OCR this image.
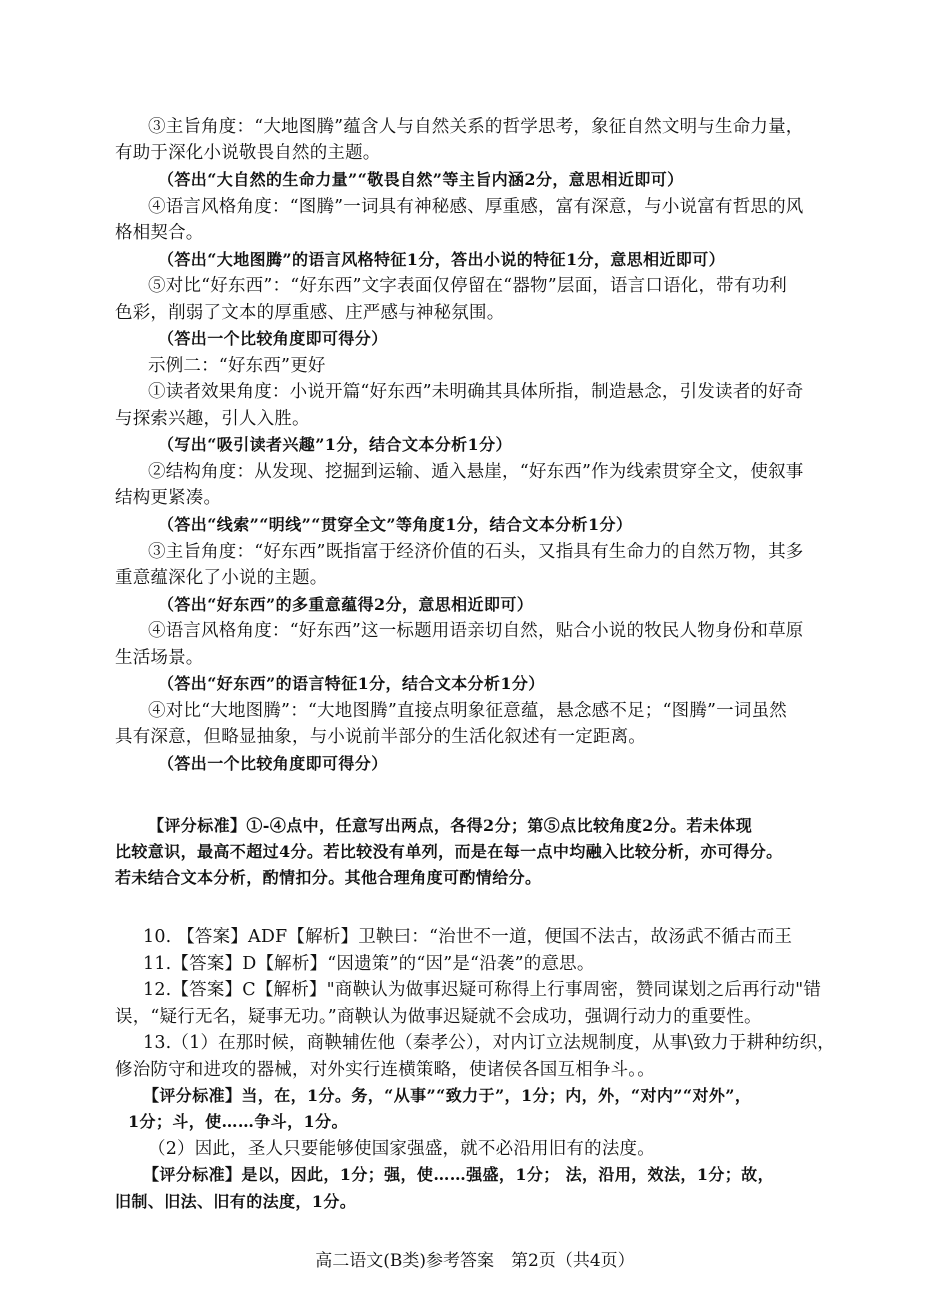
③主旨角度：“大地图腾”蕴含人与自然关系的哲学思考，象征自然文明与生命力量，
有助于深化小说敬畏自然的主题。
（答出“大自然的生命力量”“敬畏自然”等主旨内涵2分，意思相近即可）
④语言风格角度：“图腾”一词具有神秘感、厚重感，富有深意，与小说富有哲思的风
格相契合。
（答出“大地图腾”的语言风格特征1分，答出小说的特征1分，意思相近即可）
⑤对比“好东西”：“好东西”文字表面仅停留在“器物”层面，语言口语化，带有功利
色彩，削弱了文本的厚重感、庄严感与神秘氛围。
（答出一个比较角度即可得分）
示例二：“好东西”更好
①读者效果角度：小说开篇“好东西”未明确其具体所指，制造悬念，引发读者的好奇
与探索兴趣，引人入胜。
（写出“吸引读者兴趣”1分，结合文本分析1分）
②结构角度：从发现、挖掘到运输、遁入悬崖，“好东西”作为线索贯穿全文，使叙事
结构更紧凑。
（答出“线索”“明线”“贯穿全文”等角度1分，结合文本分析1分）
③主旨角度：“好东西”既指富于经济价值的石头，又指具有生命力的自然万物，其多
重意蕴深化了小说的主题。
（答出“好东西”的多重意蕴得2分，意思相近即可）
④语言风格角度：“好东西”这一标题用语亲切自然，贴合小说的牧民人物身份和草原
生活场景。
（答出“好东西”的语言特征1分，结合文本分析1分）
④对比“大地图腾”：“大地图腾”直接点明象征意蕴，悬念感不足；“图腾”一词虽然
具有深意，但略显抽象，与小说前半部分的生活化叙述有一定距离。
（答出一个比较角度即可得分）
【评分标准】①-④点中，任意写出两点，各得2分；第⑤点比较角度2分。若未体现
比较意识，最高不超过4分。若比较没有单列，而是在每一点中均融入比较分析，亦可得分。
若未结合文本分析，酌情扣分。其他合理角度可酌情给分。
10. 【答案】ADF【解析】卫鞅曰：“治世不一道，便国不法古，故汤武不循古而王
11.【答案】D【解析】“因遗策”的“因”是“沿袭”的意思。
12.【答案】C【解析】"商鞅认为做事迟疑可称得上行事周密，赞同谋划之后再行动"错
误，“疑行无名，疑事无功。”商鞅认为做事迟疑就不会成功，强调行动力的重要性。
13.（1）在那时候，商鞅辅佐他（秦孝公），对内订立法规制度，从事\致力于耕种纺织，
修治防守和进攻的器械，对外实行连横策略，使诸侯各国互相争斗。。
【评分标准】当，在，1分。务，“从事”“致力于”，1分；内，外，“对内”“对外”，
1分；斗，使……争斗，1分。
（2）因此，圣人只要能够使国家强盛，就不必沿用旧有的法度。
【评分标准】是以，因此，1分；强，使……强盛，1分； 法，沿用，效法，1分；故，
旧制、旧法、旧有的法度，1分。
高二语文(B类)参考答案　第2页（共4页）
